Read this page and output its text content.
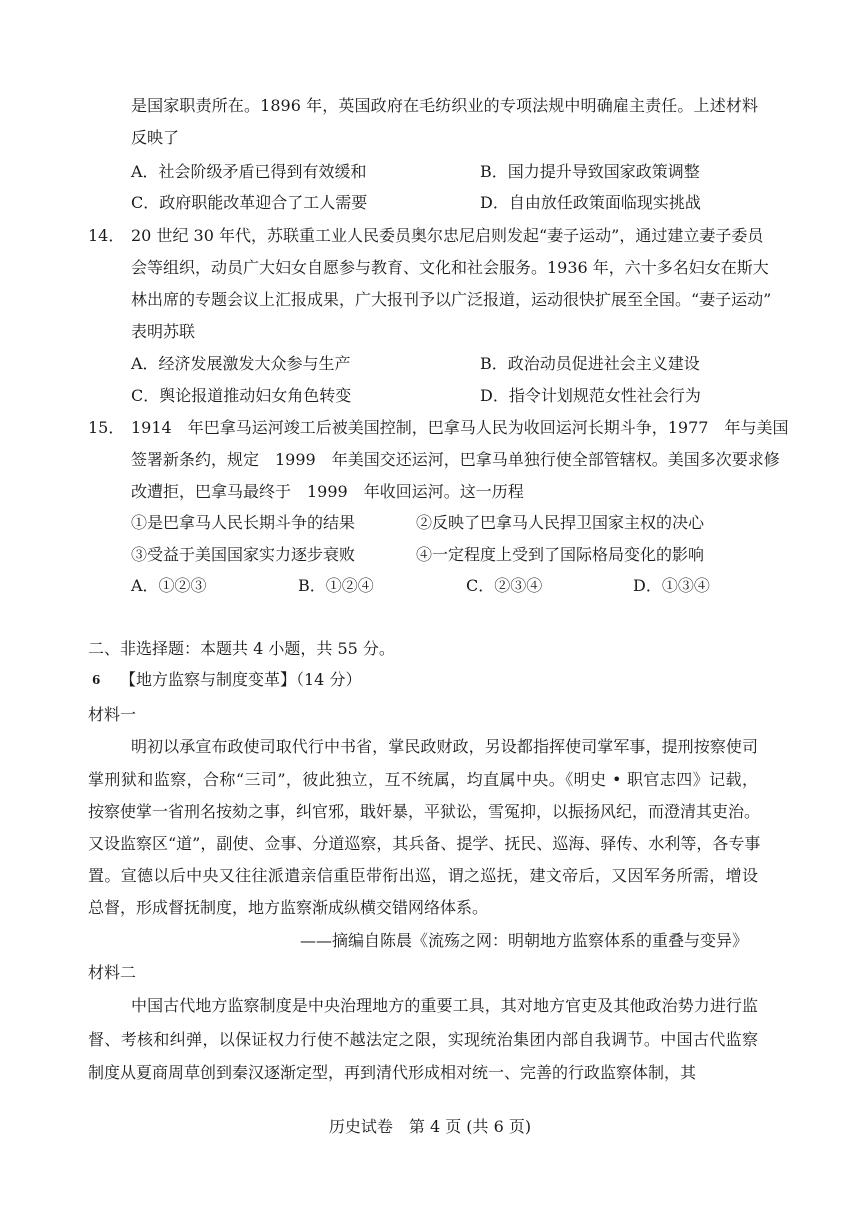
是国家职责所在。1896 年，英国政府在毛纺织业的专项法规中明确雇主责任。上述材料
反映了
A．社会阶级矛盾已得到有效缓和	B．国力提升导致国家政策调整
C．政府职能改革迎合了工人需要	D．自由放任政策面临现实挑战
14． 20 世纪 30 年代，苏联重工业人民委员奥尔忠尼启则发起“妻子运动”，通过建立妻子委员
会等组织，动员广大妇女自愿参与教育、文化和社会服务。1936 年，六十多名妇女在斯大
林出席的专题会议上汇报成果，广大报刊予以广泛报道，运动很快扩展至全国。“妻子运动”
表明苏联
A．经济发展激发大众参与生产	B．政治动员促进社会主义建设
C．舆论报道推动妇女角色转变	D．指令计划规范女性社会行为
15． 1914　年巴拿马运河竣工后被美国控制，巴拿马人民为收回运河长期斗争，1977　年与美国
签署新条约，规定　1999　年美国交还运河，巴拿马单独行使全部管辖权。美国多次要求修
改遭拒，巴拿马最终于　1999　年收回运河。这一历程
①是巴拿马人民长期斗争的结果	②反映了巴拿马人民捍卫国家主权的决心
③受益于美国国家实力逐步衰败	④一定程度上受到了国际格局变化的影响
A．①②③	B．①②④	C．②③④	D．①③④
二、非选择题：本题共 4 小题，共 55 分。
6 【地方监察与制度变革】（14 分）
材料一
明初以承宣布政使司取代行中书省，掌民政财政，另设都指挥使司掌军事，提刑按察使司
掌刑狱和监察，合称“三司”，彼此独立，互不统属，均直属中央。《明史 • 职官志四》记载，
按察使掌一省刑名按劾之事，纠官邪，戢奸暴，平狱讼，雪冤抑，以振扬风纪，而澄清其吏治。
又设监察区“道”，副使、佥事、分道巡察，其兵备、提学、抚民、巡海、驿传、水利等，各专事
置。宣德以后中央又往往派遣亲信重臣带衔出巡，谓之巡抚，建文帝后，又因军务所需，增设
总督，形成督抚制度，地方监察渐成纵横交错网络体系。
——摘编自陈晨《流殇之网：明朝地方监察体系的重叠与变异》
材料二
中国古代地方监察制度是中央治理地方的重要工具，其对地方官吏及其他政治势力进行监
督、考核和纠弹，以保证权力行使不越法定之限，实现统治集团内部自我调节。中国古代监察
制度从夏商周草创到秦汉逐渐定型，再到清代形成相对统一、完善的行政监察体制，其
历史试卷　第 4 页 (共 6 页)
